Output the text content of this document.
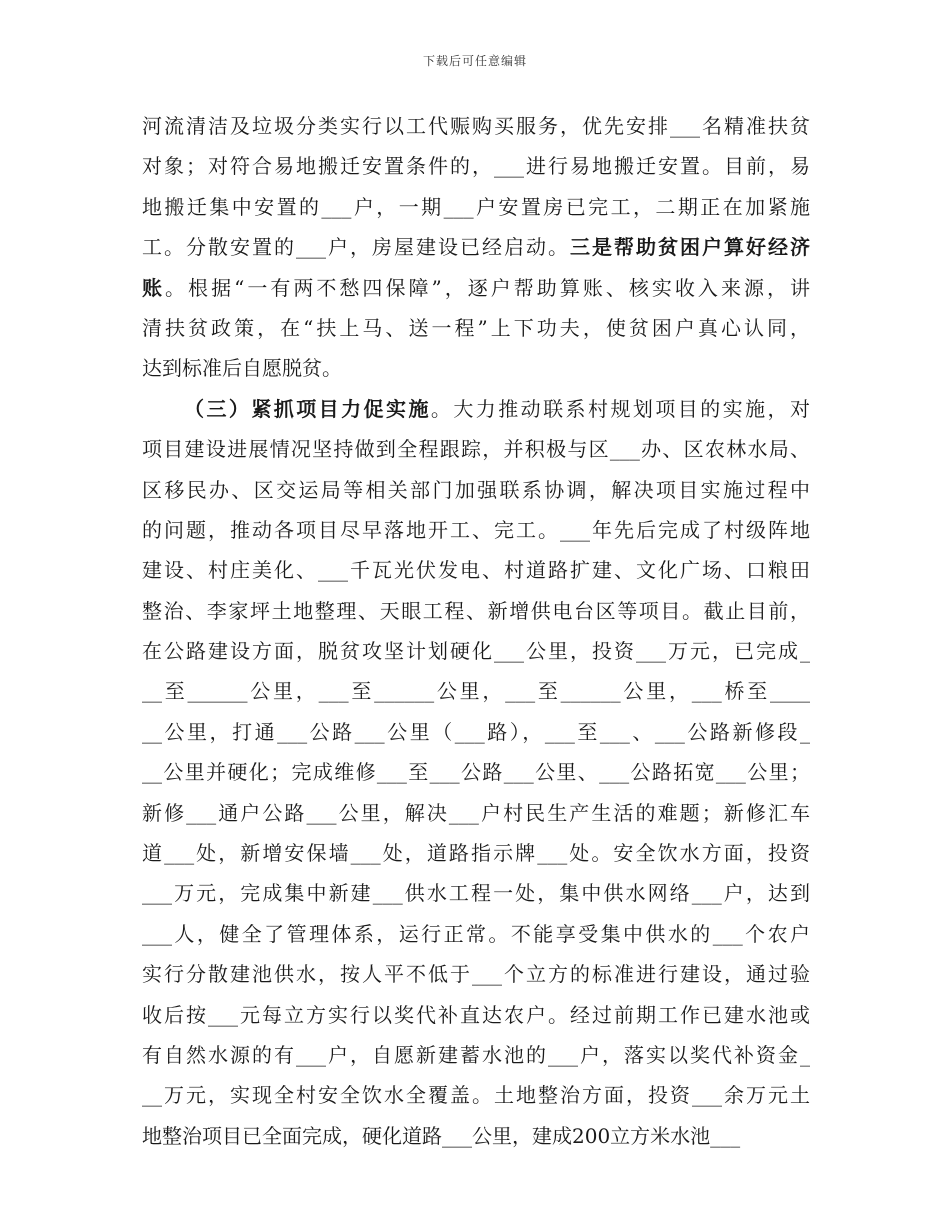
下载后可任意编辑
河流清洁及垃圾分类实行以工代赈购买服务，优先安排___名精准扶贫
对象；对符合易地搬迁安置条件的，___进行易地搬迁安置。目前，易
地搬迁集中安置的___户，一期___户安置房已完工，二期正在加紧施
工。分散安置的___户，房屋建设已经启动。三是帮助贫困户算好经济
账。根据“一有两不愁四保障”，逐户帮助算账、核实收入来源，讲
清扶贫政策，在“扶上马、送一程”上下功夫，使贫困户真心认同，
达到标准后自愿脱贫。
（三）紧抓项目力促实施。大力推动联系村规划项目的实施，对
项目建设进展情况坚持做到全程跟踪，并积极与区___办、区农林水局、
区移民办、区交运局等相关部门加强联系协调，解决项目实施过程中
的问题，推动各项目尽早落地开工、完工。___年先后完成了村级阵地
建设、村庄美化、___千瓦光伏发电、村道路扩建、文化广场、口粮田
整治、李家坪土地整理、天眼工程、新增供电台区等项目。截止目前，
在公路建设方面，脱贫攻坚计划硬化___公里，投资___万元，已完成_
__至______公里，___至______公里，___至______公里，___桥至____
__公里，打通___公路___公里（___路），___至___、___公路新修段_
__公里并硬化；完成维修___至___公路___公里、___公路拓宽___公里；
新修___通户公路___公里，解决___户村民生产生活的难题；新修汇车
道___处，新增安保墙___处，道路指示牌___处。安全饮水方面，投资
___万元，完成集中新建___供水工程一处，集中供水网络___户，达到
___人，健全了管理体系，运行正常。不能享受集中供水的___个农户
实行分散建池供水，按人平不低于___个立方的标准进行建设，通过验
收后按___元每立方实行以奖代补直达农户。经过前期工作已建水池或
有自然水源的有___户，自愿新建蓄水池的___户，落实以奖代补资金_
__万元，实现全村安全饮水全覆盖。土地整治方面，投资___余万元土
地整治项目已全面完成，硬化道路___公里，建成200立方米水池___
